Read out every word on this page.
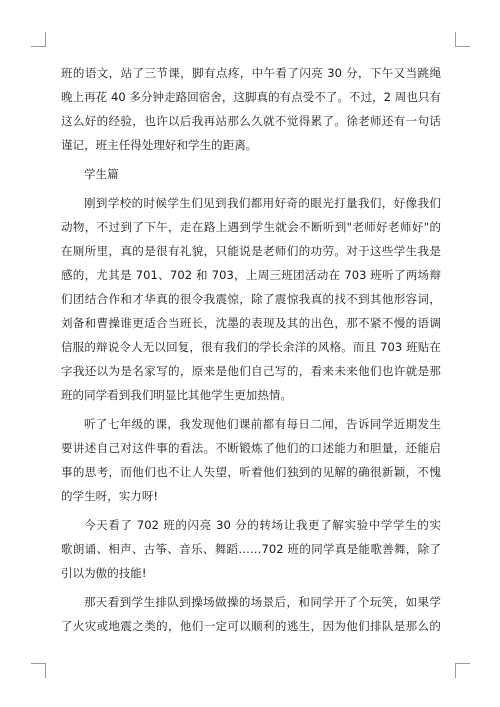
班的语文，站了三节课，脚有点疼，中午看了闪亮 30 分，下午又当跳绳
晚上再花 40 多分钟走路回宿舍，这脚真的有点受不了。不过，2 周也只有
这么好的经验，也许以后我再站那么久就不觉得累了。徐老师还有一句话
谨记，班主任得处理好和学生的距离。
学生篇
刚到学校的时候学生们见到我们都用好奇的眼光打量我们，好像我们
动物，不过到了下午，走在路上遇到学生就会不断听到"老师好老师好"的
在厕所里，真的是很有礼貌，只能说是老师们的功劳。对于这些学生我是
感的，尤其是 701、702 和 703，上周三班团活动在 703 班听了两场辩
们团结合作和才华真的很令我震惊，除了震惊我真的找不到其他形容词，
刘备和曹操谁更适合当班长，沈墨的表现及其的出色，那不紧不慢的语调
信服的辩说令人无以回复，很有我们的学长余洋的风格。而且 703 班贴在
字我还以为是名家写的，原来是他们自己写的，看来未来他们也许就是那
班的同学看到我们明显比其他学生更加热情。
听了七年级的课，我发现他们课前都有每日二闻，告诉同学近期发生
要讲述自己对这件事的看法。不断锻炼了他们的口述能力和胆量，还能启
事的思考，而他们也不让人失望，听着他们独到的见解的确很新颖，不愧
的学生呀，实力呀!
今天看了 702 班的闪亮 30 分的转场让我更了解实验中学学生的实
歌朗诵、相声、古筝、音乐、舞蹈……702 班的同学真是能歌善舞，除了
引以为傲的技能!
那天看到学生排队到操场做操的场景后，和同学开了个玩笑，如果学
了火灾或地震之类的，他们一定可以顺利的逃生，因为他们排队是那么的
